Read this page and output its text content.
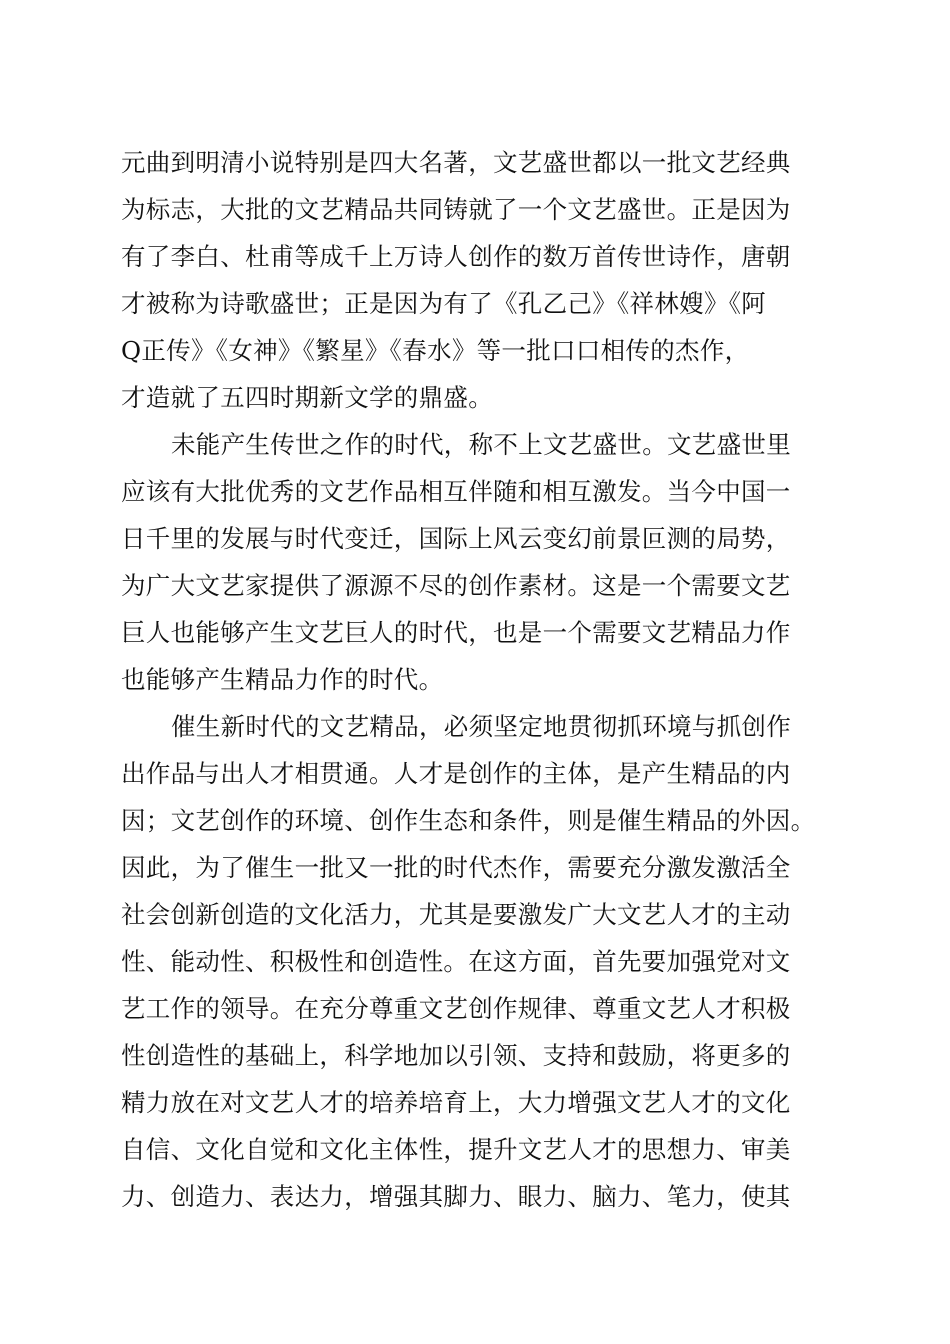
元曲到明清小说特别是四大名著，文艺盛世都以一批文艺经典
为标志，大批的文艺精品共同铸就了一个文艺盛世。正是因为
有了李白、杜甫等成千上万诗人创作的数万首传世诗作，唐朝
才被称为诗歌盛世；正是因为有了《孔乙己》《祥林嫂》《阿
Q正传》《女神》《繁星》《春水》等一批口口相传的杰作，
才造就了五四时期新文学的鼎盛。
未能产生传世之作的时代，称不上文艺盛世。文艺盛世里
应该有大批优秀的文艺作品相互伴随和相互激发。当今中国一
日千里的发展与时代变迁，国际上风云变幻前景叵测的局势，
为广大文艺家提供了源源不尽的创作素材。这是一个需要文艺
巨人也能够产生文艺巨人的时代，也是一个需要文艺精品力作
也能够产生精品力作的时代。
催生新时代的文艺精品，必须坚定地贯彻抓环境与抓创作
出作品与出人才相贯通。人才是创作的主体，是产生精品的内
因；文艺创作的环境、创作生态和条件，则是催生精品的外因。
因此，为了催生一批又一批的时代杰作，需要充分激发激活全
社会创新创造的文化活力，尤其是要激发广大文艺人才的主动
性、能动性、积极性和创造性。在这方面，首先要加强党对文
艺工作的领导。在充分尊重文艺创作规律、尊重文艺人才积极
性创造性的基础上，科学地加以引领、支持和鼓励，将更多的
精力放在对文艺人才的培养培育上，大力增强文艺人才的文化
自信、文化自觉和文化主体性，提升文艺人才的思想力、审美
力、创造力、表达力，增强其脚力、眼力、脑力、笔力，使其
